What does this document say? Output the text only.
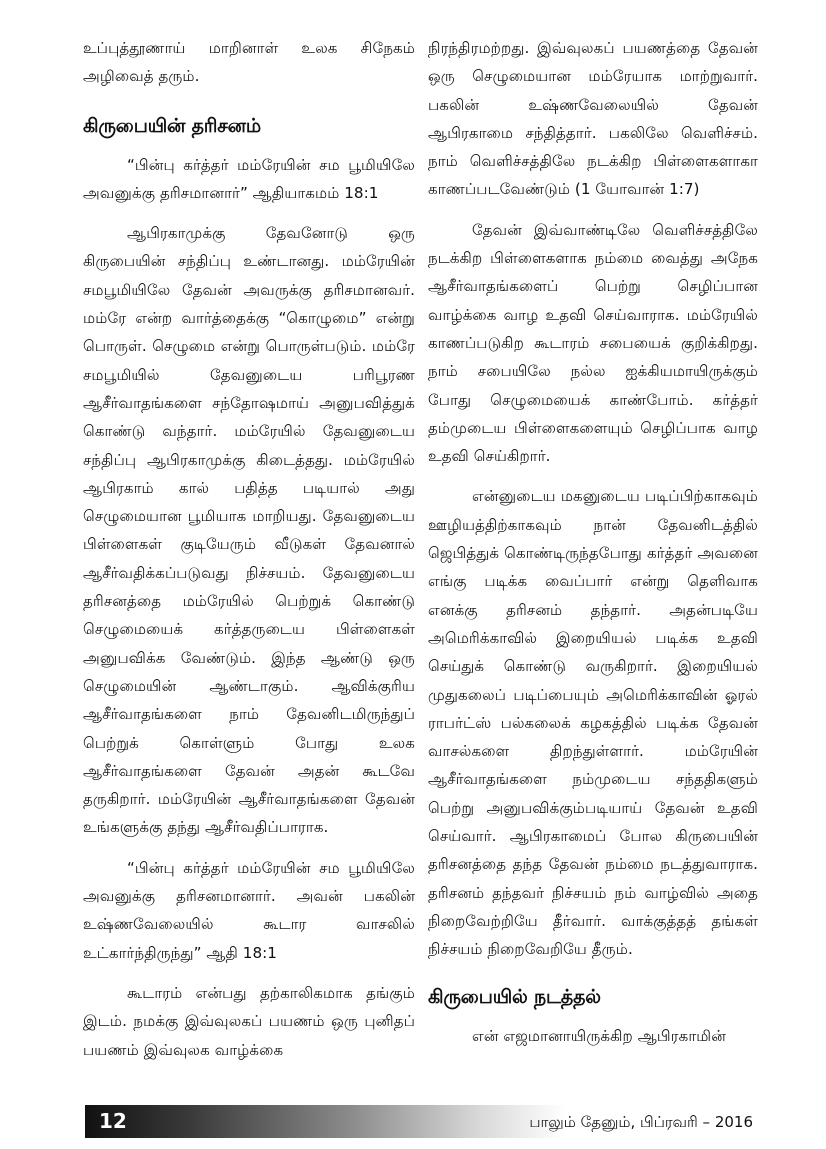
உப்புத்தூணாய் மாறினாள் உலக சிநேகம் அழிவைத் தரும்.

கிருபையின் தரிசனம்

“பின்பு கர்த்தர் மம்ரேயின் சம பூமியிலே அவனுக்கு தரிசமானார்” ஆதியாகமம் 18:1

ஆபிரகாமுக்கு தேவனோடு ஒரு கிருபையின் சந்திப்பு உண்டானது. மம்ரேயின் சமபூமியிலே தேவன் அவருக்கு தரிசமானவர். மம்ரே என்ற வார்த்தைக்கு “கொழுமை” என்று பொருள். செழுமை என்று பொருள்படும். மம்ரே சமபூமியில் தேவனுடைய பரிபூரண ஆசீர்வாதங்களை சந்தோஷமாய் அனுபவித்துக் கொண்டு வந்தார். மம்ரேயில் தேவனுடைய சந்திப்பு ஆபிரகாமுக்கு கிடைத்தது. மம்ரேயில் ஆபிரகாம் கால் பதித்த படியால் அது செழுமையான பூமியாக மாறியது. தேவனுடைய பிள்ளைகள் குடியேரும் வீடுகள் தேவனால் ஆசீர்வதிக்கப்படுவது நிச்சயம். தேவனுடைய தரிசனத்தை மம்ரேயில் பெற்றுக் கொண்டு செழுமையைக் கர்த்தருடைய பிள்ளைகள் அனுபவிக்க வேண்டும். இந்த ஆண்டு ஒரு செழுமையின் ஆண்டாகும். ஆவிக்குரிய ஆசீர்வாதங்களை நாம் தேவனிடமிருந்துப் பெற்றுக் கொள்ளும் போது உலக ஆசீர்வாதங்களை தேவன் அதன் கூடவே தருகிறார். மம்ரேயின் ஆசீர்வாதங்களை தேவன் உங்களுக்கு தந்து ஆசீர்வதிப்பாராக.

“பின்பு கர்த்தர் மம்ரேயின் சம பூமியிலே அவனுக்கு தரிசனமானார். அவன் பகலின் உஷ்ணவேலையில் கூடார வாசலில் உட்கார்ந்திருந்து” ஆதி 18:1

கூடாரம் என்பது தற்காலிகமாக தங்கும் இடம். நமக்கு இவ்வுலகப் பயணம் ஒரு புனிதப் பயணம் இவ்வுலக வாழ்க்கை

நிரந்திரமற்றது. இவ்வுலகப் பயணத்தை தேவன் ஒரு செழுமையான மம்ரேயாக மாற்றுவார். பகலின் உஷ்ணவேலையில் தேவன் ஆபிரகாமை சந்தித்தார். பகலிலே வெளிச்சம். நாம் வெளிச்சத்திலே நடக்கிற பிள்ளைகளாகா காணப்படவேண்டும் (1 யோவான் 1:7)

தேவன் இவ்வாண்டிலே வெளிச்சத்திலே நடக்கிற பிள்ளைகளாக நம்மை வைத்து அநேக ஆசீர்வாதங்களைப் பெற்று செழிப்பான வாழ்க்கை வாழ உதவி செய்வாராக. மம்ரேயில் காணப்படுகிற கூடாரம் சபையைக் குறிக்கிறது. நாம் சபையிலே நல்ல ஐக்கியமாயிருக்கும் போது செழுமையைக் காண்போம். கர்த்தர் தம்முடைய பிள்ளைகளையும் செழிப்பாக வாழ உதவி செய்கிறார்.

என்னுடைய மகனுடைய படிப்பிற்காகவும் ஊழியத்திற்காகவும் நான் தேவனிடத்தில் ஜெபித்துக் கொண்டிருந்தபோது கர்த்தர் அவனை எங்கு படிக்க வைப்பார் என்று தெளிவாக எனக்கு தரிசனம் தந்தார். அதன்படியே அமெரிக்காவில் இறையியல் படிக்க உதவி செய்துக் கொண்டு வருகிறார். இறையியல் முதுகலைப் படிப்பையும் அமெரிக்காவின் ஓரல் ராபர்ட்ஸ் பல்கலைக் கழகத்தில் படிக்க தேவன் வாசல்களை திறந்துள்ளார். மம்ரேயின் ஆசீர்வாதங்களை நம்முடைய சந்ததிகளும் பெற்று அனுபவிக்கும்படியாய் தேவன் உதவி செய்வார். ஆபிரகாமைப் போல கிருபையின் தரிசனத்தை தந்த தேவன் நம்மை நடத்துவாராக. தரிசனம் தந்தவர் நிச்சயம் நம் வாழ்வில் அதை நிறைவேற்றியே தீர்வார். வாக்குத்தத் தங்கள் நிச்சயம் நிறைவேறியே தீரும்.

கிருபையில் நடத்தல்

என் எஜமானாயிருக்கிற ஆபிரகாமின்

12	பாலும் தேனும், பிப்ரவரி – 2016
